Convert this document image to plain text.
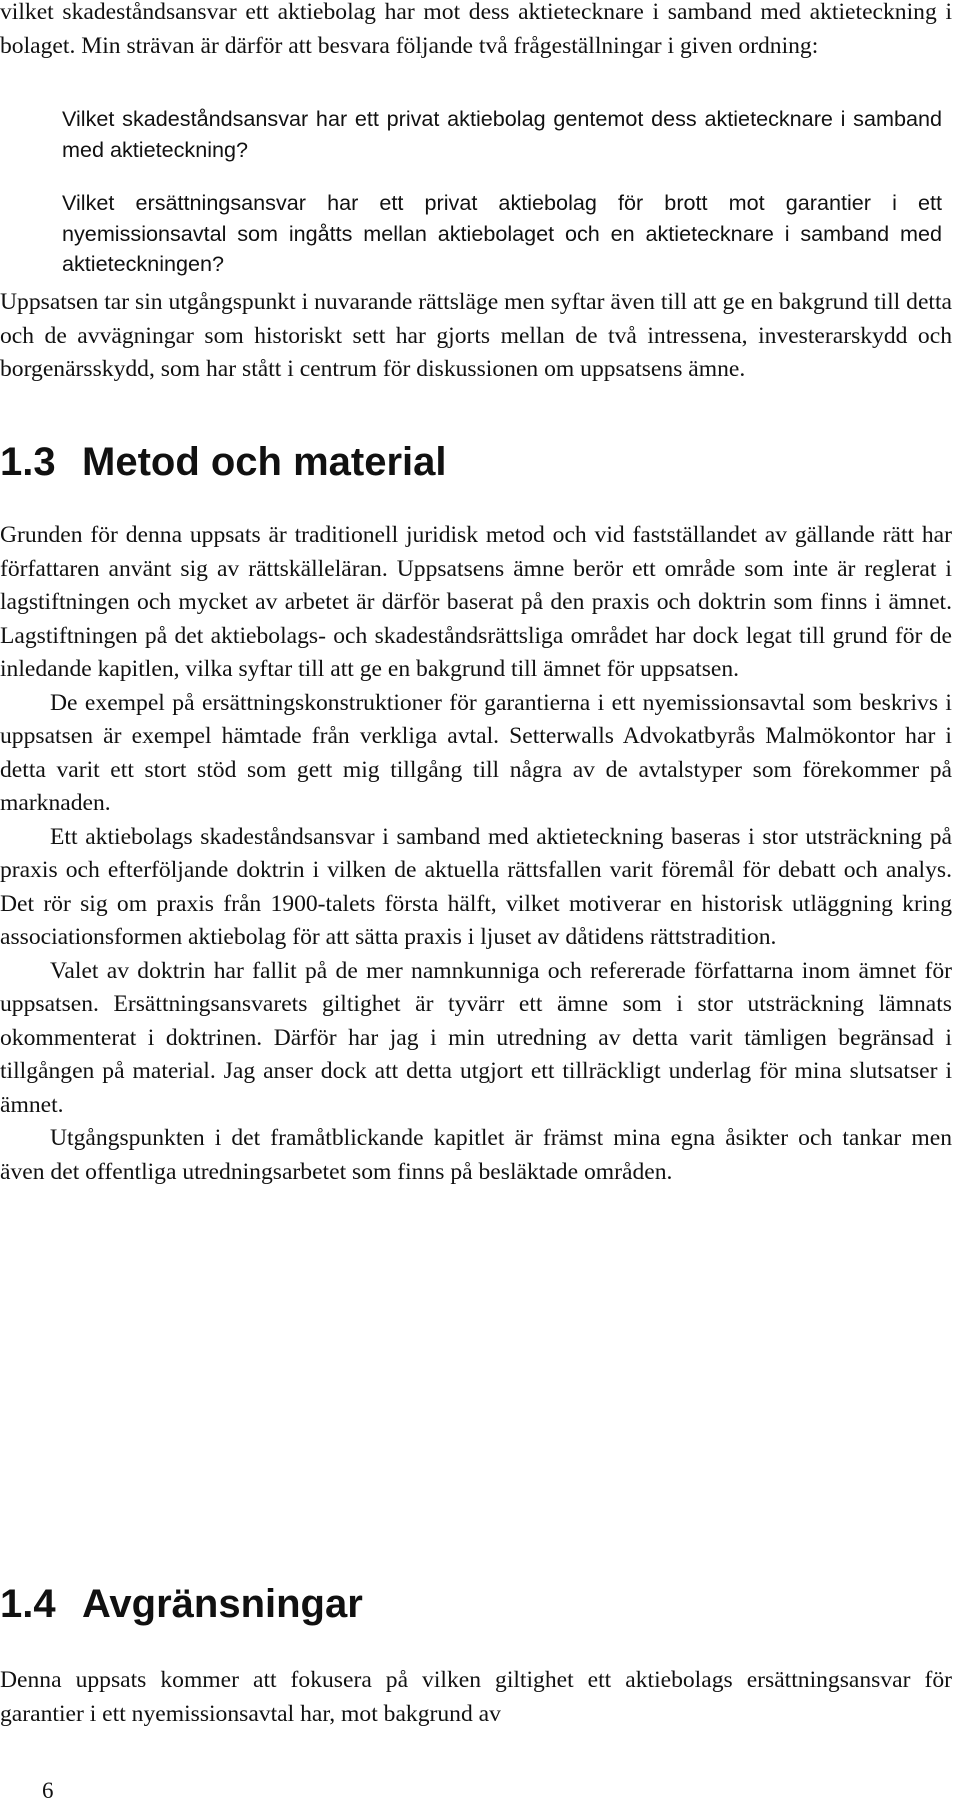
vilket skadeståndsansvar ett aktiebolag har mot dess aktietecknare i samband med aktieteckning i bolaget. Min strävan är därför att besvara följande två frågeställningar i given ordning:

Vilket skadeståndsansvar har ett privat aktiebolag gentemot dess aktietecknare i samband med aktieteckning?

Vilket ersättningsansvar har ett privat aktiebolag för brott mot garantier i ett nyemissionsavtal som ingåtts mellan aktiebolaget och en aktietecknare i samband med aktieteckningen?

Uppsatsen tar sin utgångspunkt i nuvarande rättsläge men syftar även till att ge en bakgrund till detta och de avvägningar som historiskt sett har gjorts mellan de två intressena, investerarskydd och borgenärsskydd, som har stått i centrum för diskussionen om uppsatsens ämne.

1.3 Metod och material

Grunden för denna uppsats är traditionell juridisk metod och vid fastställandet av gällande rätt har författaren använt sig av rättskälleläran. Uppsatsens ämne berör ett område som inte är reglerat i lagstiftningen och mycket av arbetet är därför baserat på den praxis och doktrin som finns i ämnet. Lagstiftningen på det aktiebolags- och skadeståndsrättsliga området har dock legat till grund för de inledande kapitlen, vilka syftar till att ge en bakgrund till ämnet för uppsatsen.

De exempel på ersättningskonstruktioner för garantierna i ett nyemissionsavtal som beskrivs i uppsatsen är exempel hämtade från verkliga avtal. Setterwalls Advokatbyrås Malmökontor har i detta varit ett stort stöd som gett mig tillgång till några av de avtalstyper som förekommer på marknaden.

Ett aktiebolags skadeståndsansvar i samband med aktieteckning baseras i stor utsträckning på praxis och efterföljande doktrin i vilken de aktuella rättsfallen varit föremål för debatt och analys. Det rör sig om praxis från 1900-talets första hälft, vilket motiverar en historisk utläggning kring associationsformen aktiebolag för att sätta praxis i ljuset av dåtidens rättstradition.

Valet av doktrin har fallit på de mer namnkunniga och refererade författarna inom ämnet för uppsatsen. Ersättningsansvarets giltighet är tyvärr ett ämne som i stor utsträckning lämnats okommenterat i doktrinen. Därför har jag i min utredning av detta varit tämligen begränsad i tillgången på material. Jag anser dock att detta utgjort ett tillräckligt underlag för mina slutsatser i ämnet.

Utgångspunkten i det framåtblickande kapitlet är främst mina egna åsikter och tankar men även det offentliga utredningsarbetet som finns på besläktade områden.

1.4 Avgränsningar

Denna uppsats kommer att fokusera på vilken giltighet ett aktiebolags ersättningsansvar för garantier i ett nyemissionsavtal har, mot bakgrund av

6
